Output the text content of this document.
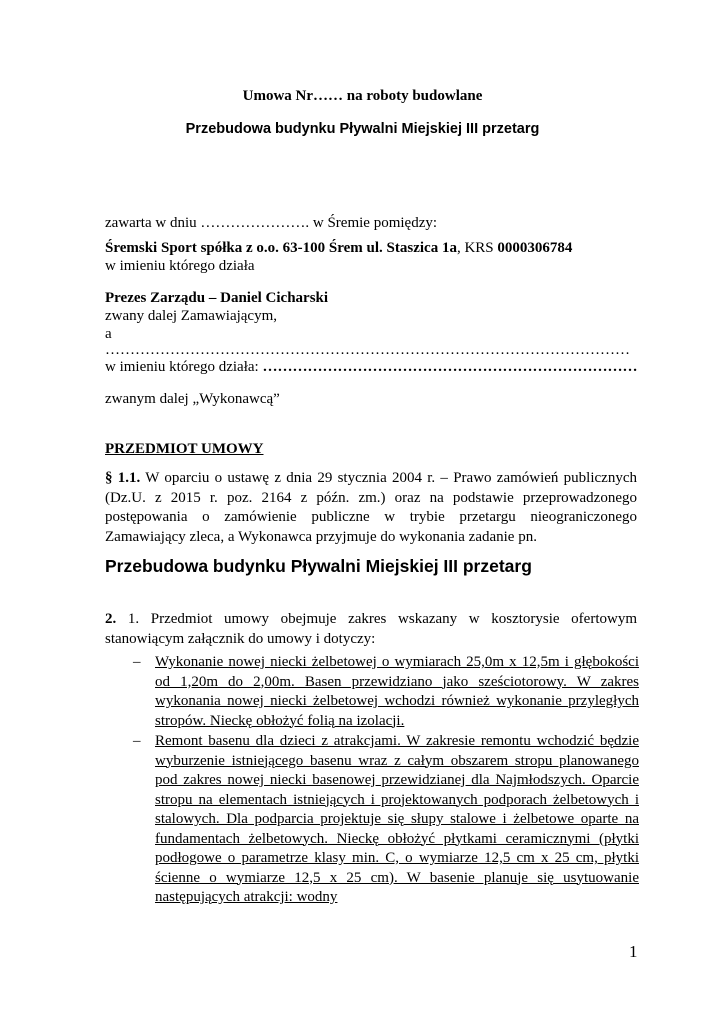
Umowa Nr…… na roboty budowlane

Przebudowa budynku Pływalni Miejskiej III przetarg

zawarta w dniu …………………. w Śremie pomiędzy:

Śremski Sport spółka z o.o. 63-100 Śrem ul. Staszica 1a, KRS 0000306784

w imieniu którego działa

Prezes Zarządu – Daniel Cicharski

zwany dalej Zamawiającym,

a

……………………………………………………………………………………………

w imieniu którego działa: …………………………………………………………………

zwanym dalej „Wykonawcą”

PRZEDMIOT UMOWY

§ 1.1. W oparciu o ustawę z dnia 29 stycznia 2004 r. – Prawo zamówień publicznych (Dz.U. z 2015 r. poz. 2164 z późn. zm.) oraz na podstawie przeprowadzonego postępowania o zamówienie publiczne w trybie przetargu nieograniczonego Zamawiający zleca, a Wykonawca przyjmuje do wykonania zadanie pn.

Przebudowa budynku Pływalni Miejskiej III przetarg

2. 1. Przedmiot umowy obejmuje zakres wskazany w kosztorysie ofertowym stanowiącym załącznik do umowy i dotyczy:

– Wykonanie nowej niecki żelbetowej o wymiarach 25,0m x 12,5m i głębokości od 1,20m do 2,00m. Basen przewidziano jako sześciotorowy. W zakres wykonania nowej niecki żelbetowej wchodzi również wykonanie przyległych stropów. Nieckę obłożyć folią na izolacji.

– Remont basenu dla dzieci z atrakcjami. W zakresie remontu wchodzić będzie wyburzenie istniejącego basenu wraz z całym obszarem stropu planowanego pod zakres nowej niecki basenowej przewidzianej dla Najmłodszych. Oparcie stropu na elementach istniejących i projektowanych podporach żelbetowych i stalowych. Dla podparcia projektuje się słupy stalowe i żelbetowe oparte na fundamentach żelbetowych. Nieckę obłożyć płytkami ceramicznymi (płytki podłogowe o parametrze klasy min. C, o wymiarze 12,5 cm x 25 cm, płytki ścienne o wymiarze 12,5 x 25 cm). W basenie planuje się usytuowanie następujących atrakcji: wodny

1
